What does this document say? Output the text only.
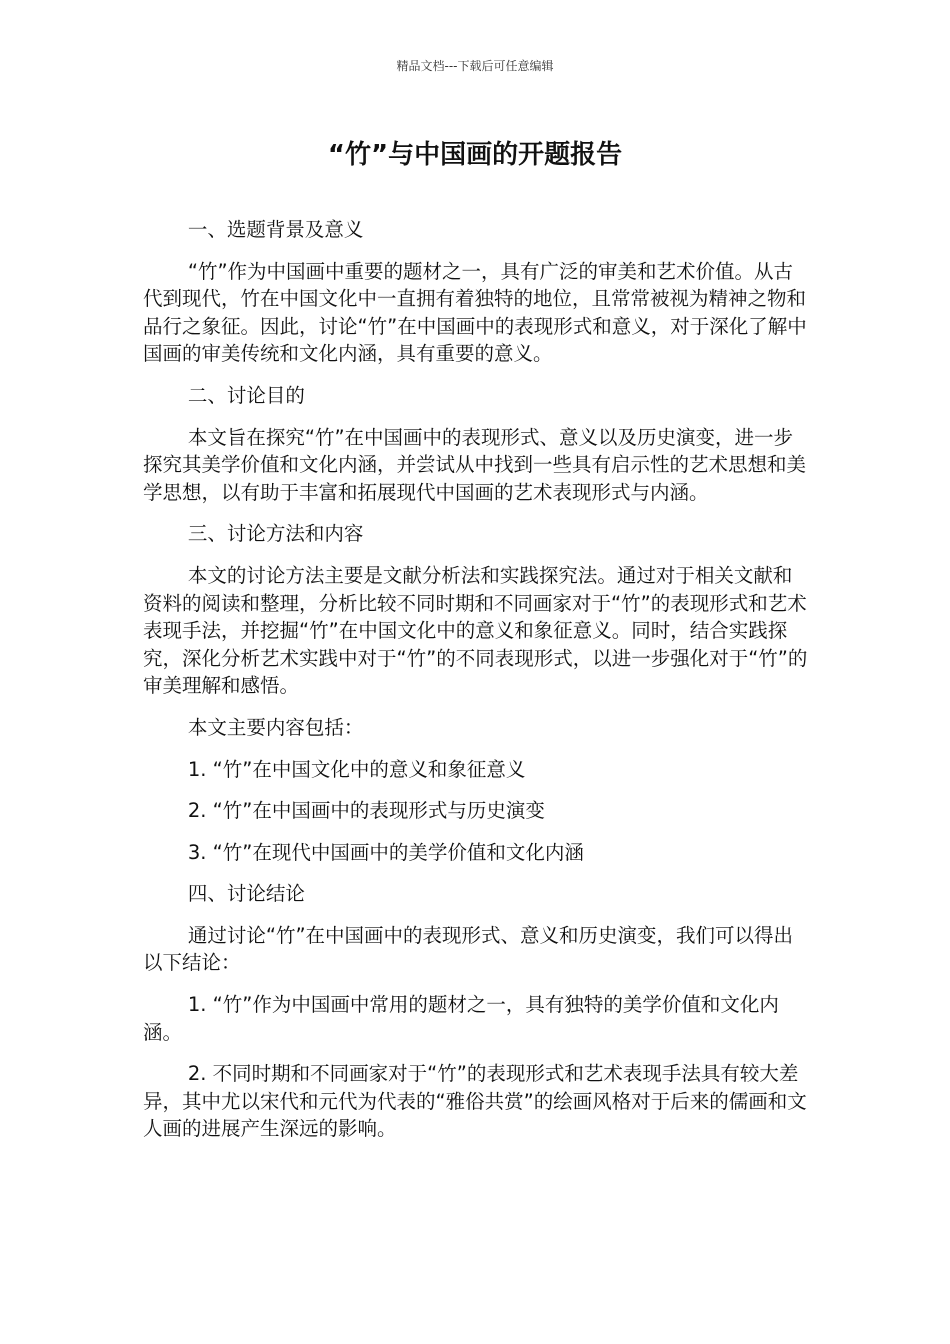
精品文档---下载后可任意编辑
“竹”与中国画的开题报告

一、选题背景及意义

“竹”作为中国画中重要的题材之一，具有广泛的审美和艺术价值。从古代到现代，竹在中国文化中一直拥有着独特的地位，且常常被视为精神之物和品行之象征。因此，讨论“竹”在中国画中的表现形式和意义，对于深化了解中国画的审美传统和文化内涵，具有重要的意义。

二、讨论目的

本文旨在探究“竹”在中国画中的表现形式、意义以及历史演变，进一步探究其美学价值和文化内涵，并尝试从中找到一些具有启示性的艺术思想和美学思想，以有助于丰富和拓展现代中国画的艺术表现形式与内涵。

三、讨论方法和内容

本文的讨论方法主要是文献分析法和实践探究法。通过对于相关文献和资料的阅读和整理，分析比较不同时期和不同画家对于“竹”的表现形式和艺术表现手法，并挖掘“竹”在中国文化中的意义和象征意义。同时，结合实践探究，深化分析艺术实践中对于“竹”的不同表现形式，以进一步强化对于“竹”的审美理解和感悟。

本文主要内容包括：

1. “竹”在中国文化中的意义和象征意义

2. “竹”在中国画中的表现形式与历史演变

3. “竹”在现代中国画中的美学价值和文化内涵

四、讨论结论

通过讨论“竹”在中国画中的表现形式、意义和历史演变，我们可以得出以下结论：

1. “竹”作为中国画中常用的题材之一，具有独特的美学价值和文化内涵。

2. 不同时期和不同画家对于“竹”的表现形式和艺术表现手法具有较大差异，其中尤以宋代和元代为代表的“雅俗共赏”的绘画风格对于后来的儒画和文人画的进展产生深远的影响。
